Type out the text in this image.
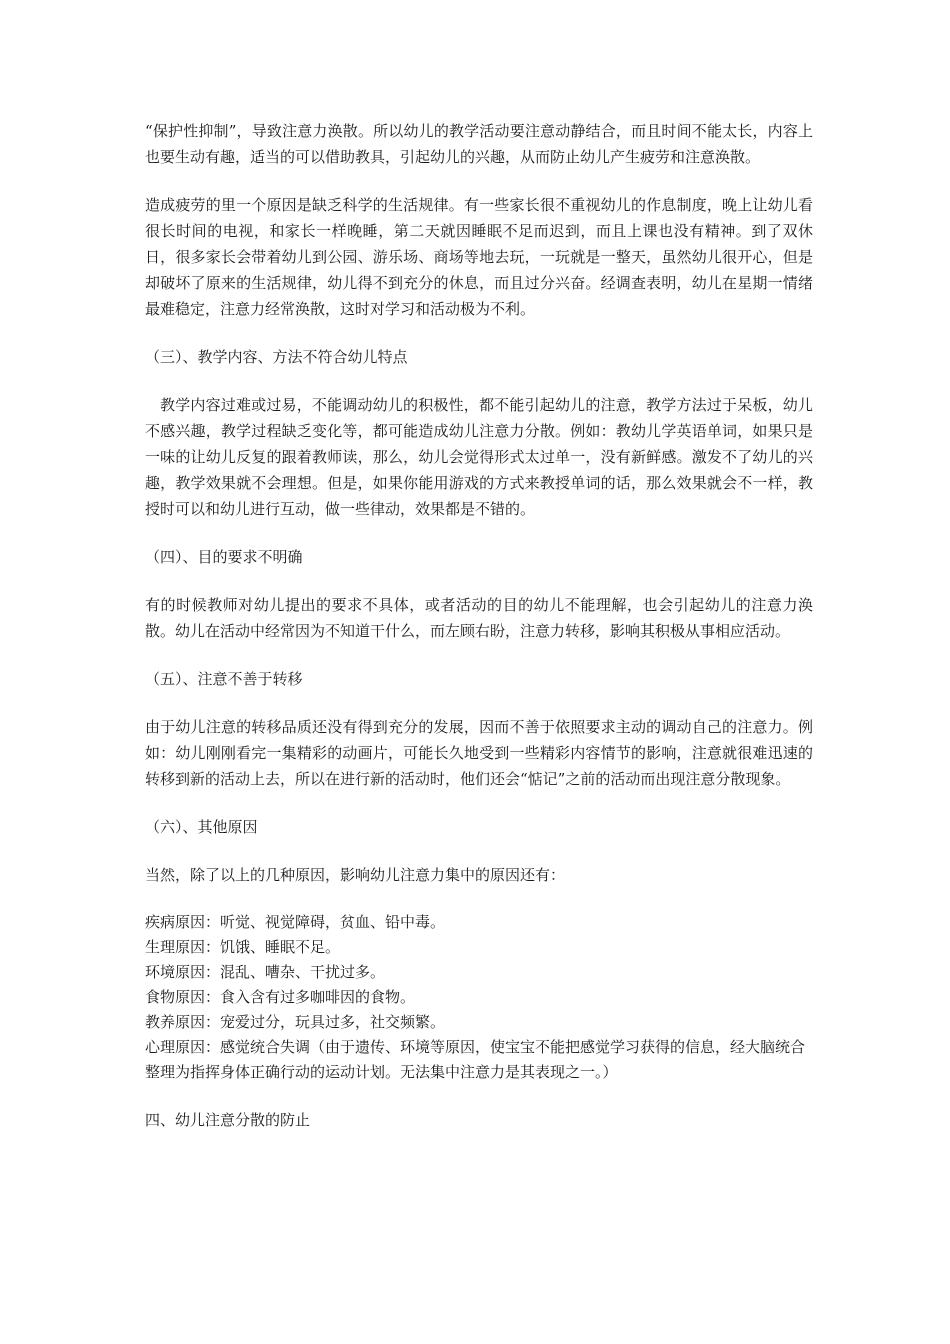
“保护性抑制”，导致注意力涣散。所以幼儿的教学活动要注意动静结合，而且时间不能太长，内容上也要生动有趣，适当的可以借助教具，引起幼儿的兴趣，从而防止幼儿产生疲劳和注意涣散。

造成疲劳的里一个原因是缺乏科学的生活规律。有一些家长很不重视幼儿的作息制度，晚上让幼儿看很长时间的电视，和家长一样晚睡，第二天就因睡眠不足而迟到，而且上课也没有精神。到了双休日，很多家长会带着幼儿到公园、游乐场、商场等地去玩，一玩就是一整天，虽然幼儿很开心，但是却破坏了原来的生活规律，幼儿得不到充分的休息，而且过分兴奋。经调查表明，幼儿在星期一情绪最难稳定，注意力经常涣散，这时对学习和活动极为不利。

（三）、教学内容、方法不符合幼儿特点

教学内容过难或过易，不能调动幼儿的积极性，都不能引起幼儿的注意，教学方法过于呆板，幼儿不感兴趣，教学过程缺乏变化等，都可能造成幼儿注意力分散。例如：教幼儿学英语单词，如果只是一味的让幼儿反复的跟着教师读，那么，幼儿会觉得形式太过单一，没有新鲜感。激发不了幼儿的兴趣，教学效果就不会理想。但是，如果你能用游戏的方式来教授单词的话，那么效果就会不一样，教授时可以和幼儿进行互动，做一些律动，效果都是不错的。

（四）、目的要求不明确

有的时候教师对幼儿提出的要求不具体，或者活动的目的幼儿不能理解，也会引起幼儿的注意力涣散。幼儿在活动中经常因为不知道干什么，而左顾右盼，注意力转移，影响其积极从事相应活动。

（五）、注意不善于转移

由于幼儿注意的转移品质还没有得到充分的发展，因而不善于依照要求主动的调动自己的注意力。例如：幼儿刚刚看完一集精彩的动画片，可能长久地受到一些精彩内容情节的影响，注意就很难迅速的转移到新的活动上去，所以在进行新的活动时，他们还会“惦记”之前的活动而出现注意分散现象。

（六）、其他原因

当然，除了以上的几种原因，影响幼儿注意力集中的原因还有：

疾病原因：听觉、视觉障碍，贫血、铅中毒。

生理原因：饥饿、睡眠不足。

环境原因：混乱、嘈杂、干扰过多。

食物原因：食入含有过多咖啡因的食物。

教养原因：宠爱过分，玩具过多，社交频繁。

心理原因：感觉统合失调（由于遗传、环境等原因，使宝宝不能把感觉学习获得的信息，经大脑统合整理为指挥身体正确行动的运动计划。无法集中注意力是其表现之一。）

四、幼儿注意分散的防止
